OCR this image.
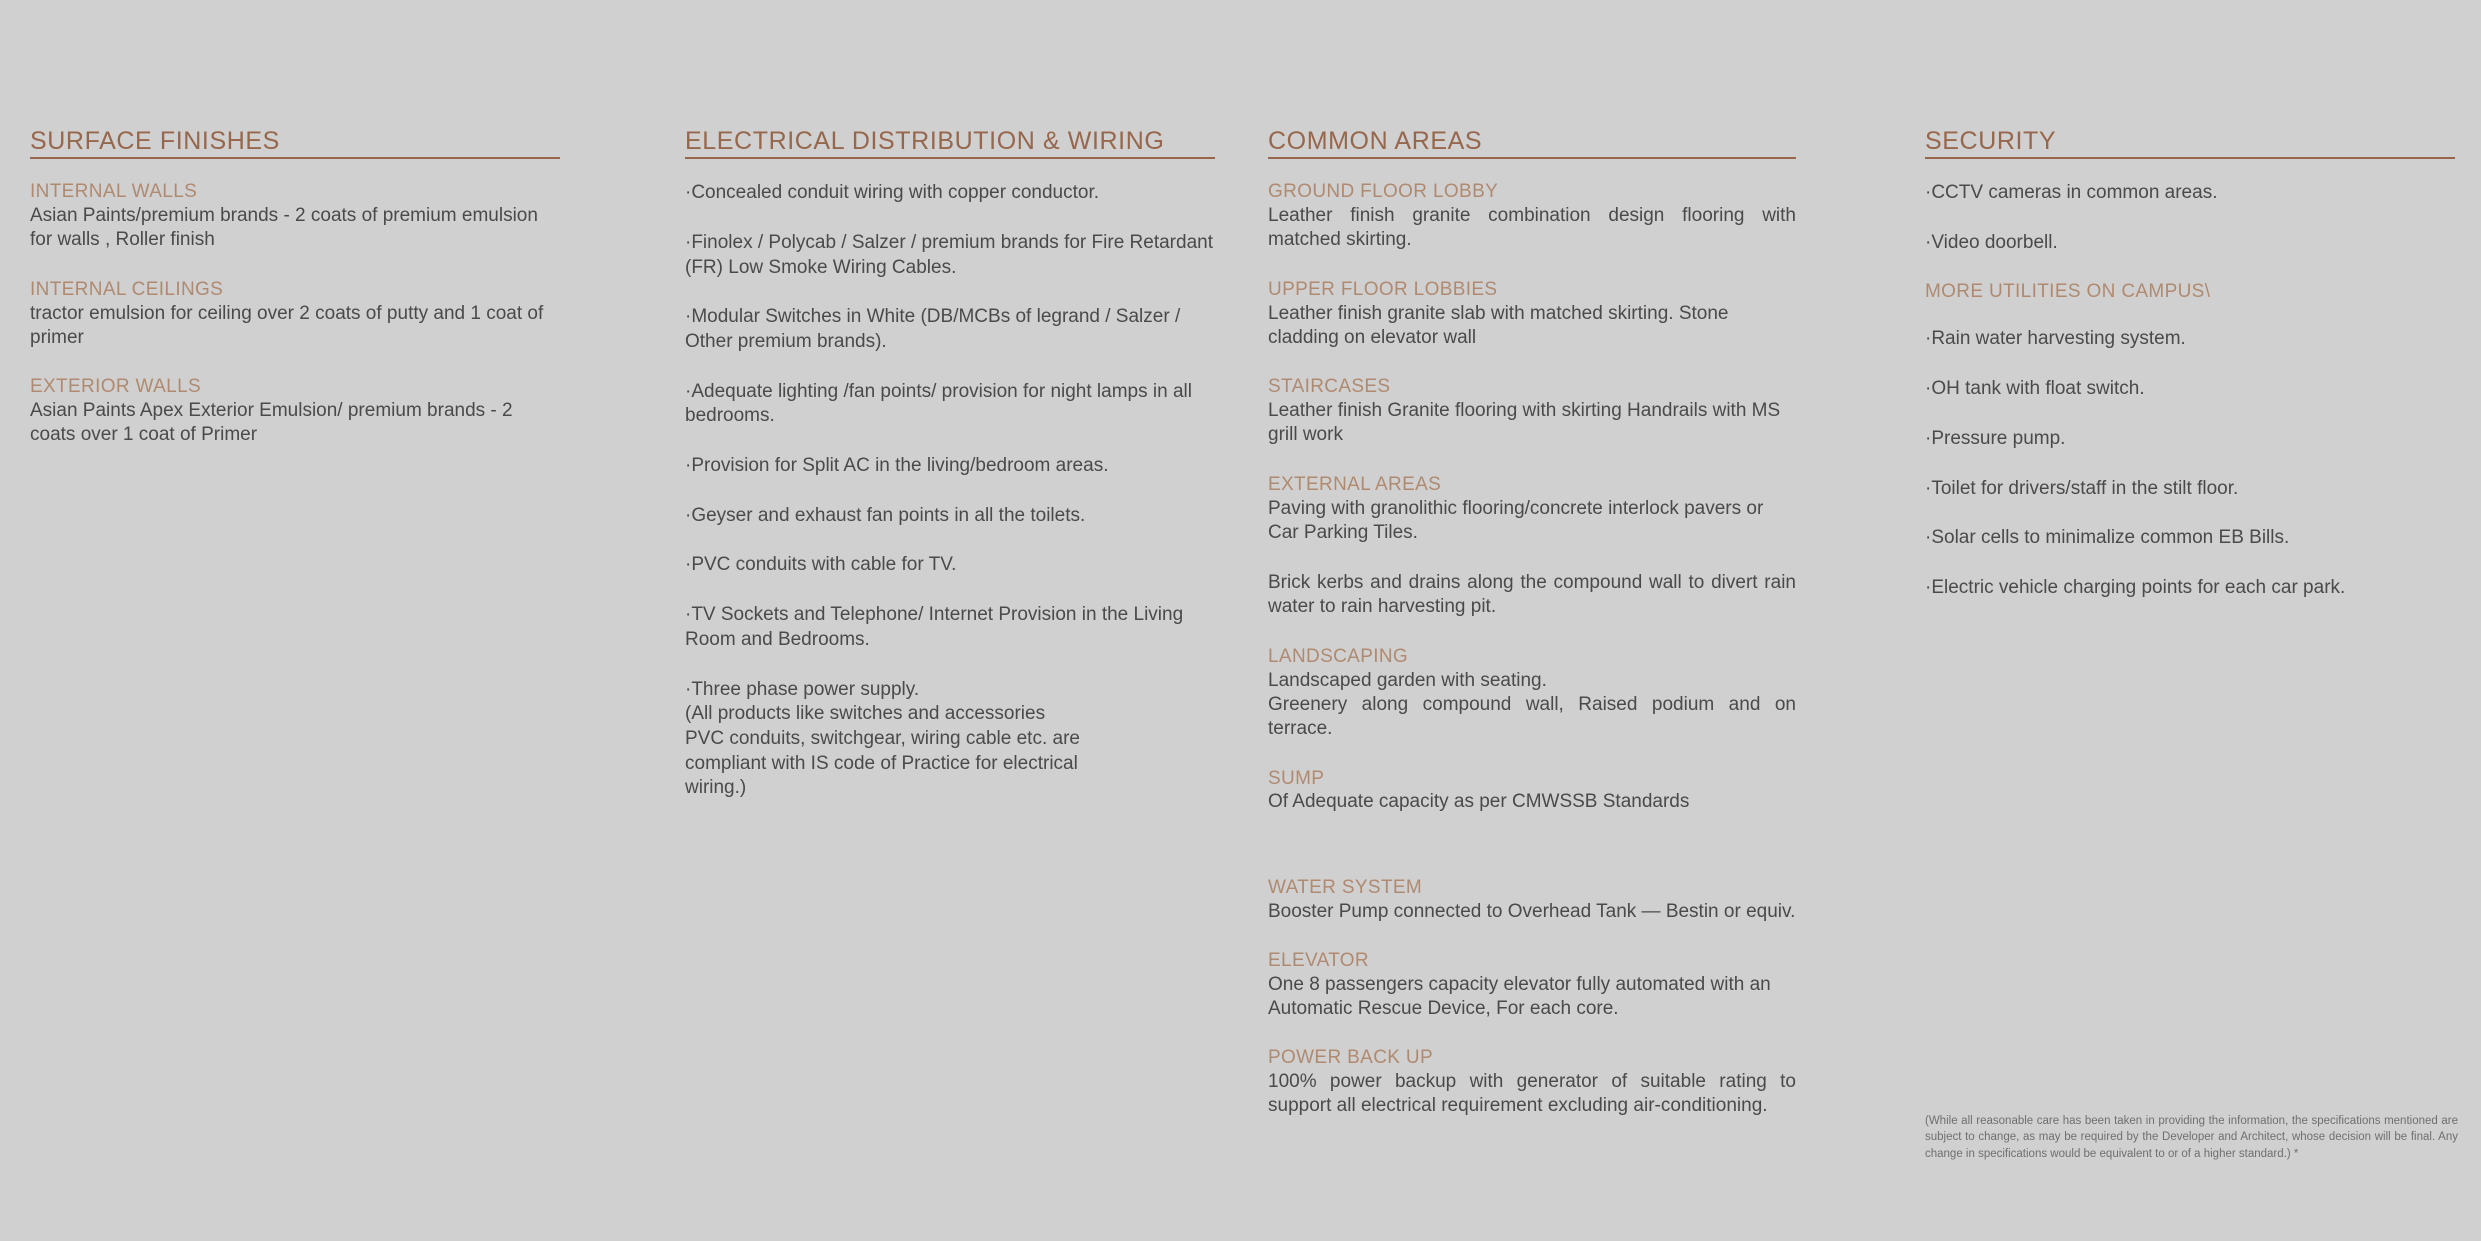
SURFACE FINISHES
INTERNAL WALLS

Asian Paints/premium brands - 2 coats of premium emulsion for walls , Roller finish

INTERNAL CEILINGS

tractor emulsion for ceiling over 2 coats of putty and 1 coat of primer

EXTERIOR WALLS

Asian Paints Apex Exterior Emulsion/ premium brands - 2 coats over 1 coat of Primer

ELECTRICAL DISTRIBUTION & WIRING

·Concealed conduit wiring with copper conductor.

·Finolex / Polycab / Salzer / premium brands for Fire Retardant (FR) Low Smoke Wiring Cables.

·Modular Switches in White (DB/MCBs of legrand / Salzer / Other premium brands).

·Adequate lighting /fan points/ provision for night lamps in all bedrooms.

·Provision for Split AC in the living/bedroom areas.

·Geyser and exhaust fan points in all the toilets.

·PVC conduits with cable for TV.

·TV Sockets and Telephone/ Internet Provision in the Living Room and Bedrooms.

·Three phase power supply.

(All products like switches and accessories

PVC conduits, switchgear, wiring cable etc. are

compliant with IS code of Practice for electrical

wiring.)

COMMON AREAS
GROUND FLOOR LOBBY

Leather finish granite combination design flooring with matched skirting.

UPPER FLOOR LOBBIES

Leather finish granite slab with matched skirting. Stone cladding on elevator wall

STAIRCASES

Leather finish Granite flooring with skirting Handrails with MS grill work

EXTERNAL AREAS

Paving with granolithic flooring/concrete interlock pavers or Car Parking Tiles.

Brick kerbs and drains along the compound wall to divert rain water to rain harvesting pit.

LANDSCAPING

Landscaped garden with seating.

Greenery along compound wall, Raised podium and on terrace.

SUMP

Of Adequate capacity as per CMWSSB Standards

WATER SYSTEM

Booster Pump connected to Overhead Tank — Bestin or equiv.

ELEVATOR

One 8 passengers capacity elevator fully automated with an Automatic Rescue Device, For each core.

POWER BACK UP

100% power backup with generator of suitable rating to support all electrical requirement excluding air-conditioning.

SECURITY

·CCTV cameras in common areas.

·Video doorbell.

MORE UTILITIES ON CAMPUS\

·Rain water harvesting system.

·OH tank with float switch.

·Pressure pump.

·Toilet for drivers/staff in the stilt floor.

·Solar cells to minimalize common EB Bills.

·Electric vehicle charging points for each car park.

(While all reasonable care has been taken in providing the information, the specifications mentioned are subject to change, as may be required by the Developer and Architect, whose decision will be final. Any change in specifications would be equivalent to or of a higher standard.) *
